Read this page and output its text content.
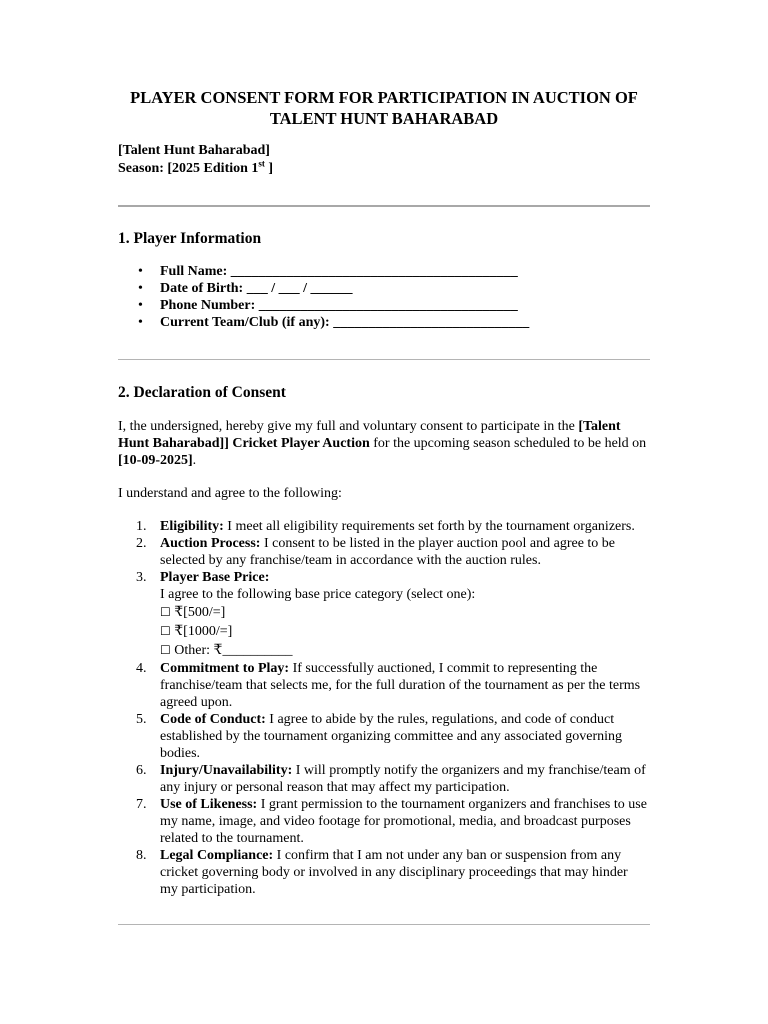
PLAYER CONSENT FORM FOR PARTICIPATION IN AUCTION OF
TALENT HUNT BAHARABAD
[Talent Hunt Baharabad]
Season: [2025 Edition 1st ]
1. Player Information
• Full Name: _________________________________________
• Date of Birth: ___ / ___ / ______
• Phone Number: _____________________________________
• Current Team/Club (if any): ____________________________
2. Declaration of Consent
I, the undersigned, hereby give my full and voluntary consent to participate in the [Talent Hunt Baharabad]] Cricket Player Auction for the upcoming season scheduled to be held on [10-09-2025].
I understand and agree to the following:
1. Eligibility: I meet all eligibility requirements set forth by the tournament organizers.
2. Auction Process: I consent to be listed in the player auction pool and agree to be selected by any franchise/team in accordance with the auction rules.
3. Player Base Price:
I agree to the following base price category (select one):
☐ ₹[500/=]
☐ ₹[1000/=]
☐ Other: ₹__________
4. Commitment to Play: If successfully auctioned, I commit to representing the franchise/team that selects me, for the full duration of the tournament as per the terms agreed upon.
5. Code of Conduct: I agree to abide by the rules, regulations, and code of conduct established by the tournament organizing committee and any associated governing bodies.
6. Injury/Unavailability: I will promptly notify the organizers and my franchise/team of any injury or personal reason that may affect my participation.
7. Use of Likeness: I grant permission to the tournament organizers and franchises to use my name, image, and video footage for promotional, media, and broadcast purposes related to the tournament.
8. Legal Compliance: I confirm that I am not under any ban or suspension from any cricket governing body or involved in any disciplinary proceedings that may hinder my participation.
